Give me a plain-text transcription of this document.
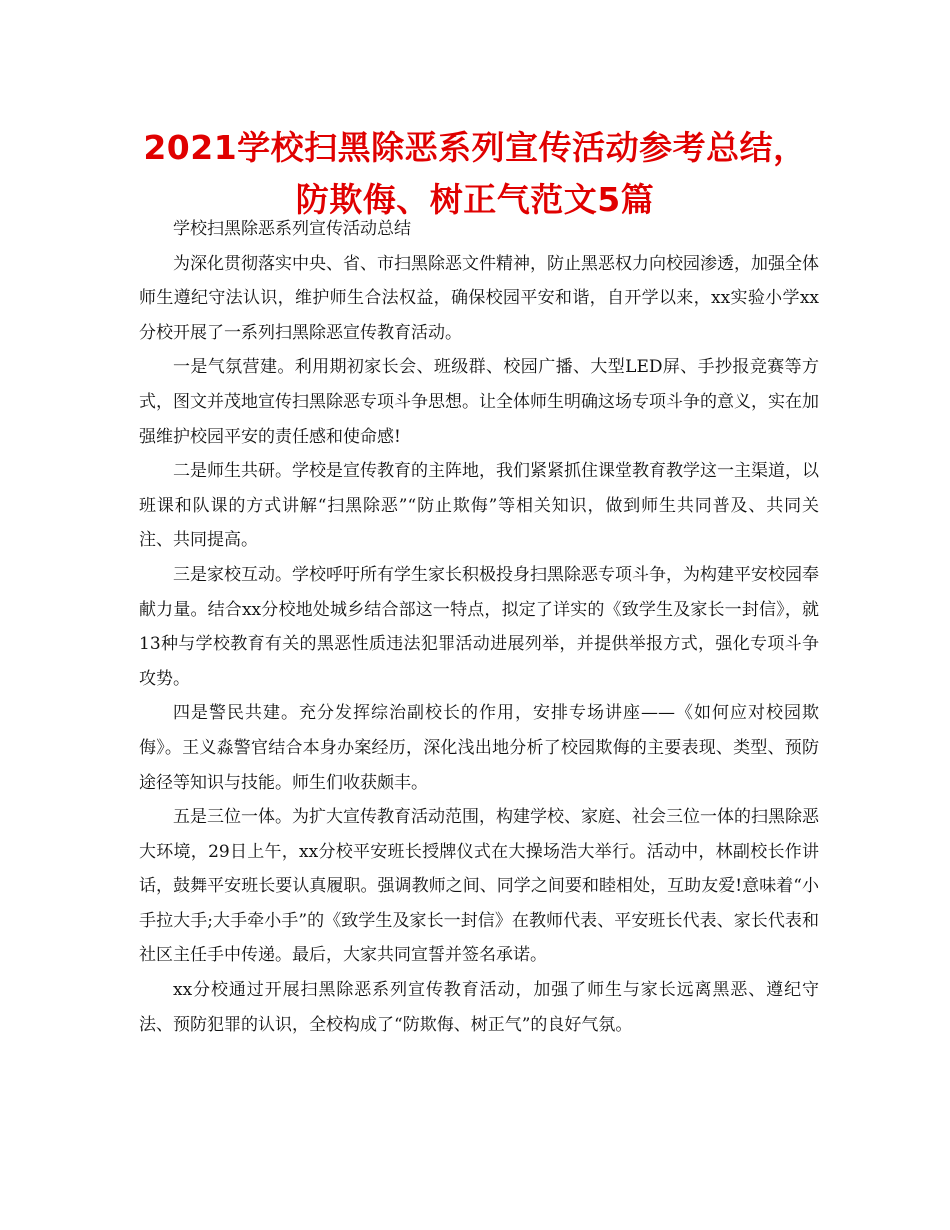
2021学校扫黑除恶系列宣传活动参考总结，防欺侮、树正气范文5篇

学校扫黑除恶系列宣传活动总结

为深化贯彻落实中央、省、市扫黑除恶文件精神，防止黑恶权力向校园渗透，加强全体师生遵纪守法认识，维护师生合法权益，确保校园平安和谐，自开学以来，xx实验小学xx分校开展了一系列扫黑除恶宣传教育活动。

一是气氛营建。利用期初家长会、班级群、校园广播、大型LED屏、手抄报竞赛等方式，图文并茂地宣传扫黑除恶专项斗争思想。让全体师生明确这场专项斗争的意义，实在加强维护校园平安的责任感和使命感!

二是师生共研。学校是宣传教育的主阵地，我们紧紧抓住课堂教育教学这一主渠道，以班课和队课的方式讲解“扫黑除恶”“防止欺侮”等相关知识，做到师生共同普及、共同关注、共同提高。

三是家校互动。学校呼吁所有学生家长积极投身扫黑除恶专项斗争，为构建平安校园奉献力量。结合xx分校地处城乡结合部这一特点，拟定了详实的《致学生及家长一封信》，就13种与学校教育有关的黑恶性质违法犯罪活动进展列举，并提供举报方式，强化专项斗争攻势。

四是警民共建。充分发挥综治副校长的作用，安排专场讲座——《如何应对校园欺侮》。王义淼警官结合本身办案经历，深化浅出地分析了校园欺侮的主要表现、类型、预防途径等知识与技能。师生们收获颇丰。

五是三位一体。为扩大宣传教育活动范围，构建学校、家庭、社会三位一体的扫黑除恶大环境，29日上午，xx分校平安班长授牌仪式在大操场浩大举行。活动中，林副校长作讲话，鼓舞平安班长要认真履职。强调教师之间、同学之间要和睦相处，互助友爱!意味着“小手拉大手;大手牵小手”的《致学生及家长一封信》在教师代表、平安班长代表、家长代表和社区主任手中传递。最后，大家共同宣誓并签名承诺。

xx分校通过开展扫黑除恶系列宣传教育活动，加强了师生与家长远离黑恶、遵纪守法、预防犯罪的认识，全校构成了“防欺侮、树正气”的良好气氛。
